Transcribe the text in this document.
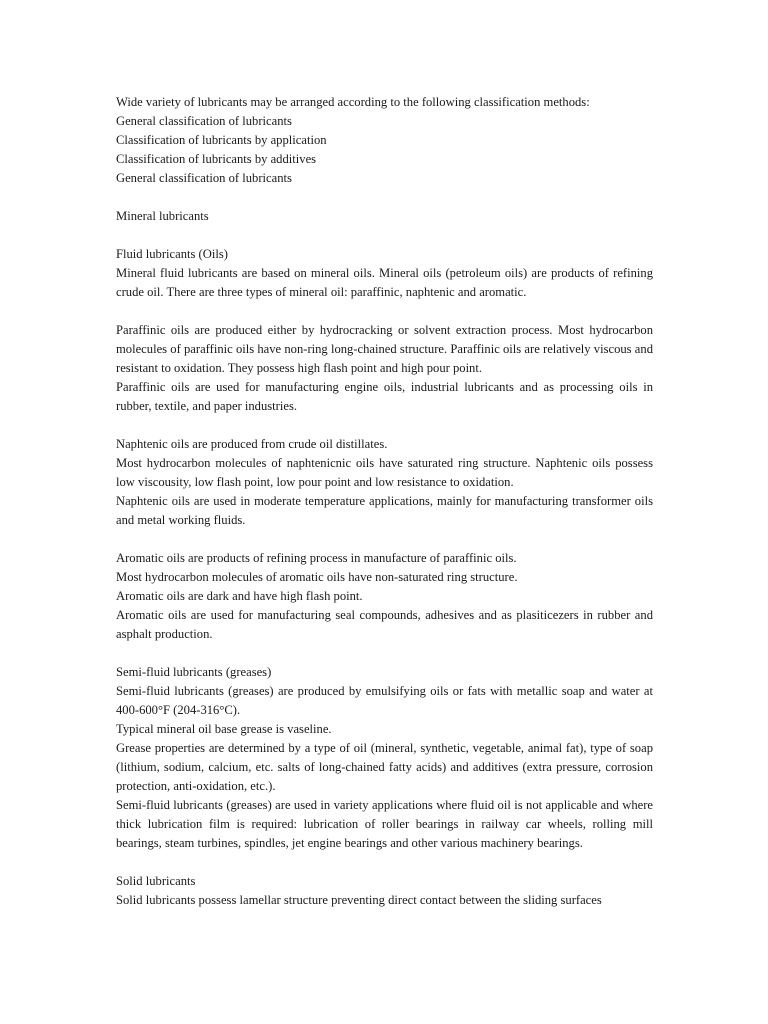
Wide variety of lubricants may be arranged according to the following classification methods:

General classification of lubricants

Classification of lubricants by application

Classification of lubricants by additives

General classification of lubricants

Mineral lubricants

Fluid lubricants (Oils)

Mineral fluid lubricants are based on mineral oils. Mineral oils (petroleum oils) are products of refining crude oil. There are three types of mineral oil: paraffinic, naphtenic and aromatic.

Paraffinic oils are produced either by hydrocracking or solvent extraction process. Most hydrocarbon molecules of paraffinic oils have non-ring long-chained structure. Paraffinic oils are relatively viscous and resistant to oxidation. They possess high flash point and high pour point.

Paraffinic oils are used for manufacturing engine oils, industrial lubricants and as processing oils in rubber, textile, and paper industries.

Naphtenic oils are produced from crude oil distillates.

Most hydrocarbon molecules of naphtenicnic oils have saturated ring structure. Naphtenic oils possess low viscousity, low flash point, low pour point and low resistance to oxidation.

Naphtenic oils are used in moderate temperature applications, mainly for manufacturing transformer oils and metal working fluids.

Aromatic oils are products of refining process in manufacture of paraffinic oils.

Most hydrocarbon molecules of aromatic oils have non-saturated ring structure.

Aromatic oils are dark and have high flash point.

Aromatic oils are used for manufacturing seal compounds, adhesives and as plasiticezers in rubber and asphalt production.

Semi-fluid lubricants (greases)

Semi-fluid lubricants (greases) are produced by emulsifying oils or fats with metallic soap and water at 400-600°F (204-316°C).

Typical mineral oil base grease is vaseline.

Grease properties are determined by a type of oil (mineral, synthetic, vegetable, animal fat), type of soap (lithium, sodium, calcium, etc. salts of long-chained fatty acids) and additives (extra pressure, corrosion protection, anti-oxidation, etc.).

Semi-fluid lubricants (greases) are used in variety applications where fluid oil is not applicable and where thick lubrication film is required: lubrication of roller bearings in railway car wheels, rolling mill bearings, steam turbines, spindles, jet engine bearings and other various machinery bearings.

Solid lubricants

Solid lubricants possess lamellar structure preventing direct contact between the sliding surfaces
